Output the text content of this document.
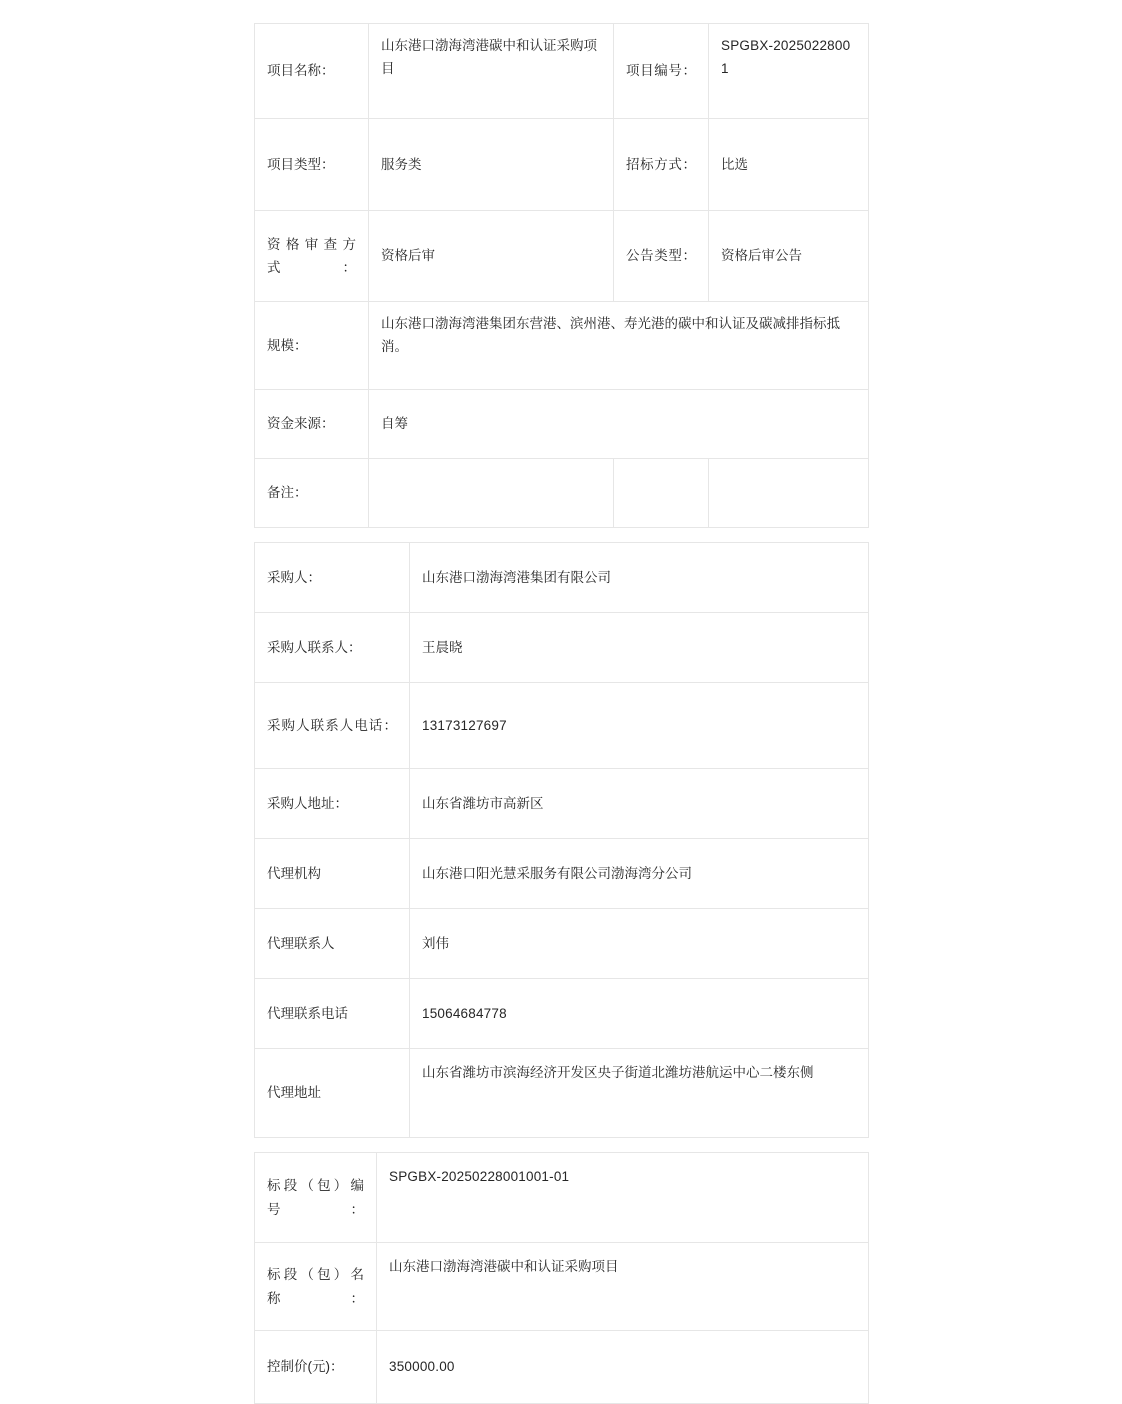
项目名称：	山东港口渤海湾港碳中和认证采购项目	项目编号：	SPGBX-20250228001

项目类型：	服务类	招标方式：	比选

资格审查方式：	资格后审	公告类型：	资格后审公告

规模：	山东港口渤海湾港集团东营港、滨州港、寿光港的碳中和认证及碳减排指标抵消。		

资金来源：	自筹		

备注：			

采购人：	山东港口渤海湾港集团有限公司

采购人联系人：	王晨晓

采购人联系人电话：	13173127697

采购人地址：	山东省潍坊市高新区

代理机构	山东港口阳光慧采服务有限公司渤海湾分公司

代理联系人	刘伟

代理联系电话	15064684778

代理地址	山东省潍坊市滨海经济开发区央子街道北潍坊港航运中心二楼东侧
标段（包）编号：	SPGBX-20250228001001-01

标段（包）名称：	山东港口渤海湾港碳中和认证采购项目

控制价(元)：	350000.00
